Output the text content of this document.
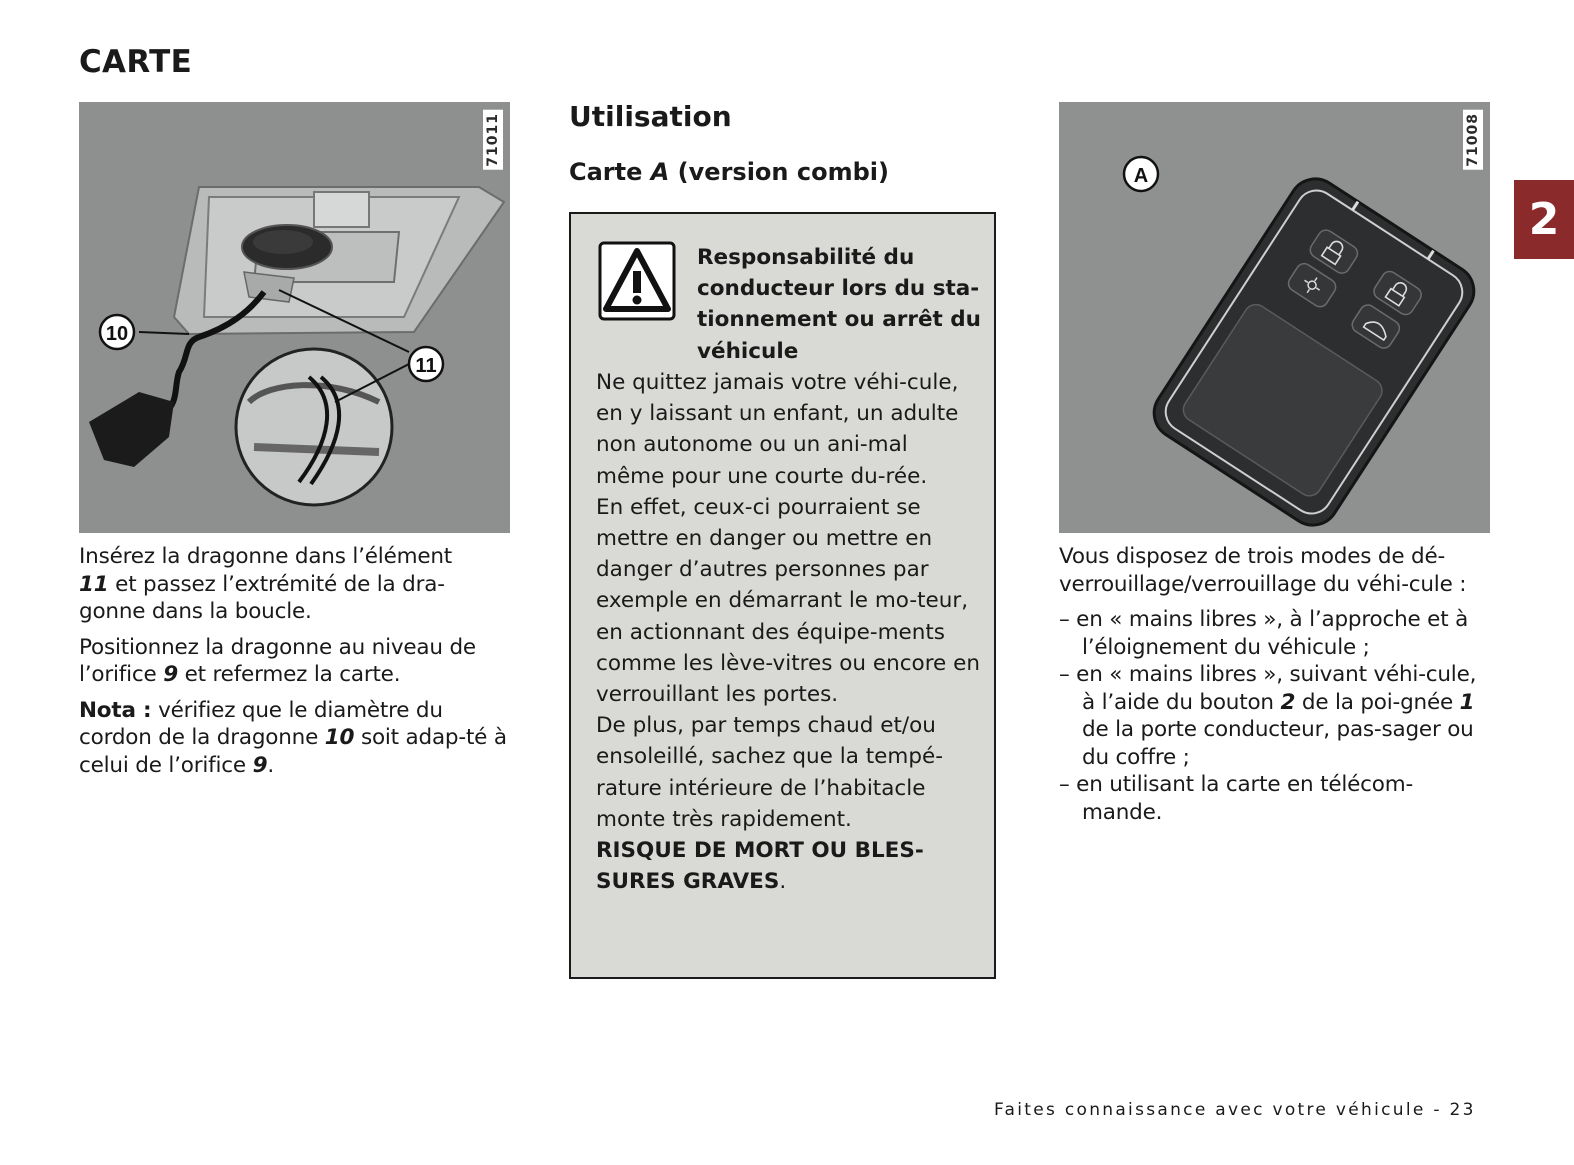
CARTE
10
11
71011

Insérez la dragonne dans l’élément
11 et passez l’extrémité de la dra-gonne dans la boucle.

Positionnez la dragonne au niveau de l’orifice 9 et refermez la carte.

Nota : vérifiez que le diamètre du cordon de la dragonne 10 soit adap-té à celui de l’orifice 9.

Utilisation
Carte A (version combi)
Responsabilité du conducteur lors du sta-tionnement ou arrêt du véhicule

Ne quittez jamais votre véhi-cule, en y laissant un enfant, un adulte non autonome ou un ani-mal même pour une courte du-rée.

En effet, ceux-ci pourraient se mettre en danger ou mettre en danger d’autres personnes par exemple en démarrant le mo-teur, en actionnant des équipe-ments comme les lève-vitres ou encore en verrouillant les portes.

De plus, par temps chaud et/ou ensoleillé, sachez que la tempé-rature intérieure de l’habitacle monte très rapidement.

RISQUE DE MORT OU BLES-SURES GRAVES.

A
71008

Vous disposez de trois modes de dé-verrouillage/verrouillage du véhi-cule :

– en « mains libres », à l’approche et à l’éloignement du véhicule ;
– en « mains libres », suivant véhi-cule, à l’aide du bouton 2 de la poi-gnée 1 de la porte conducteur, pas-sager ou du coffre ;
– en utilisant la carte en télécom-mande.
2
Faites connaissance avec votre véhicule - 23
